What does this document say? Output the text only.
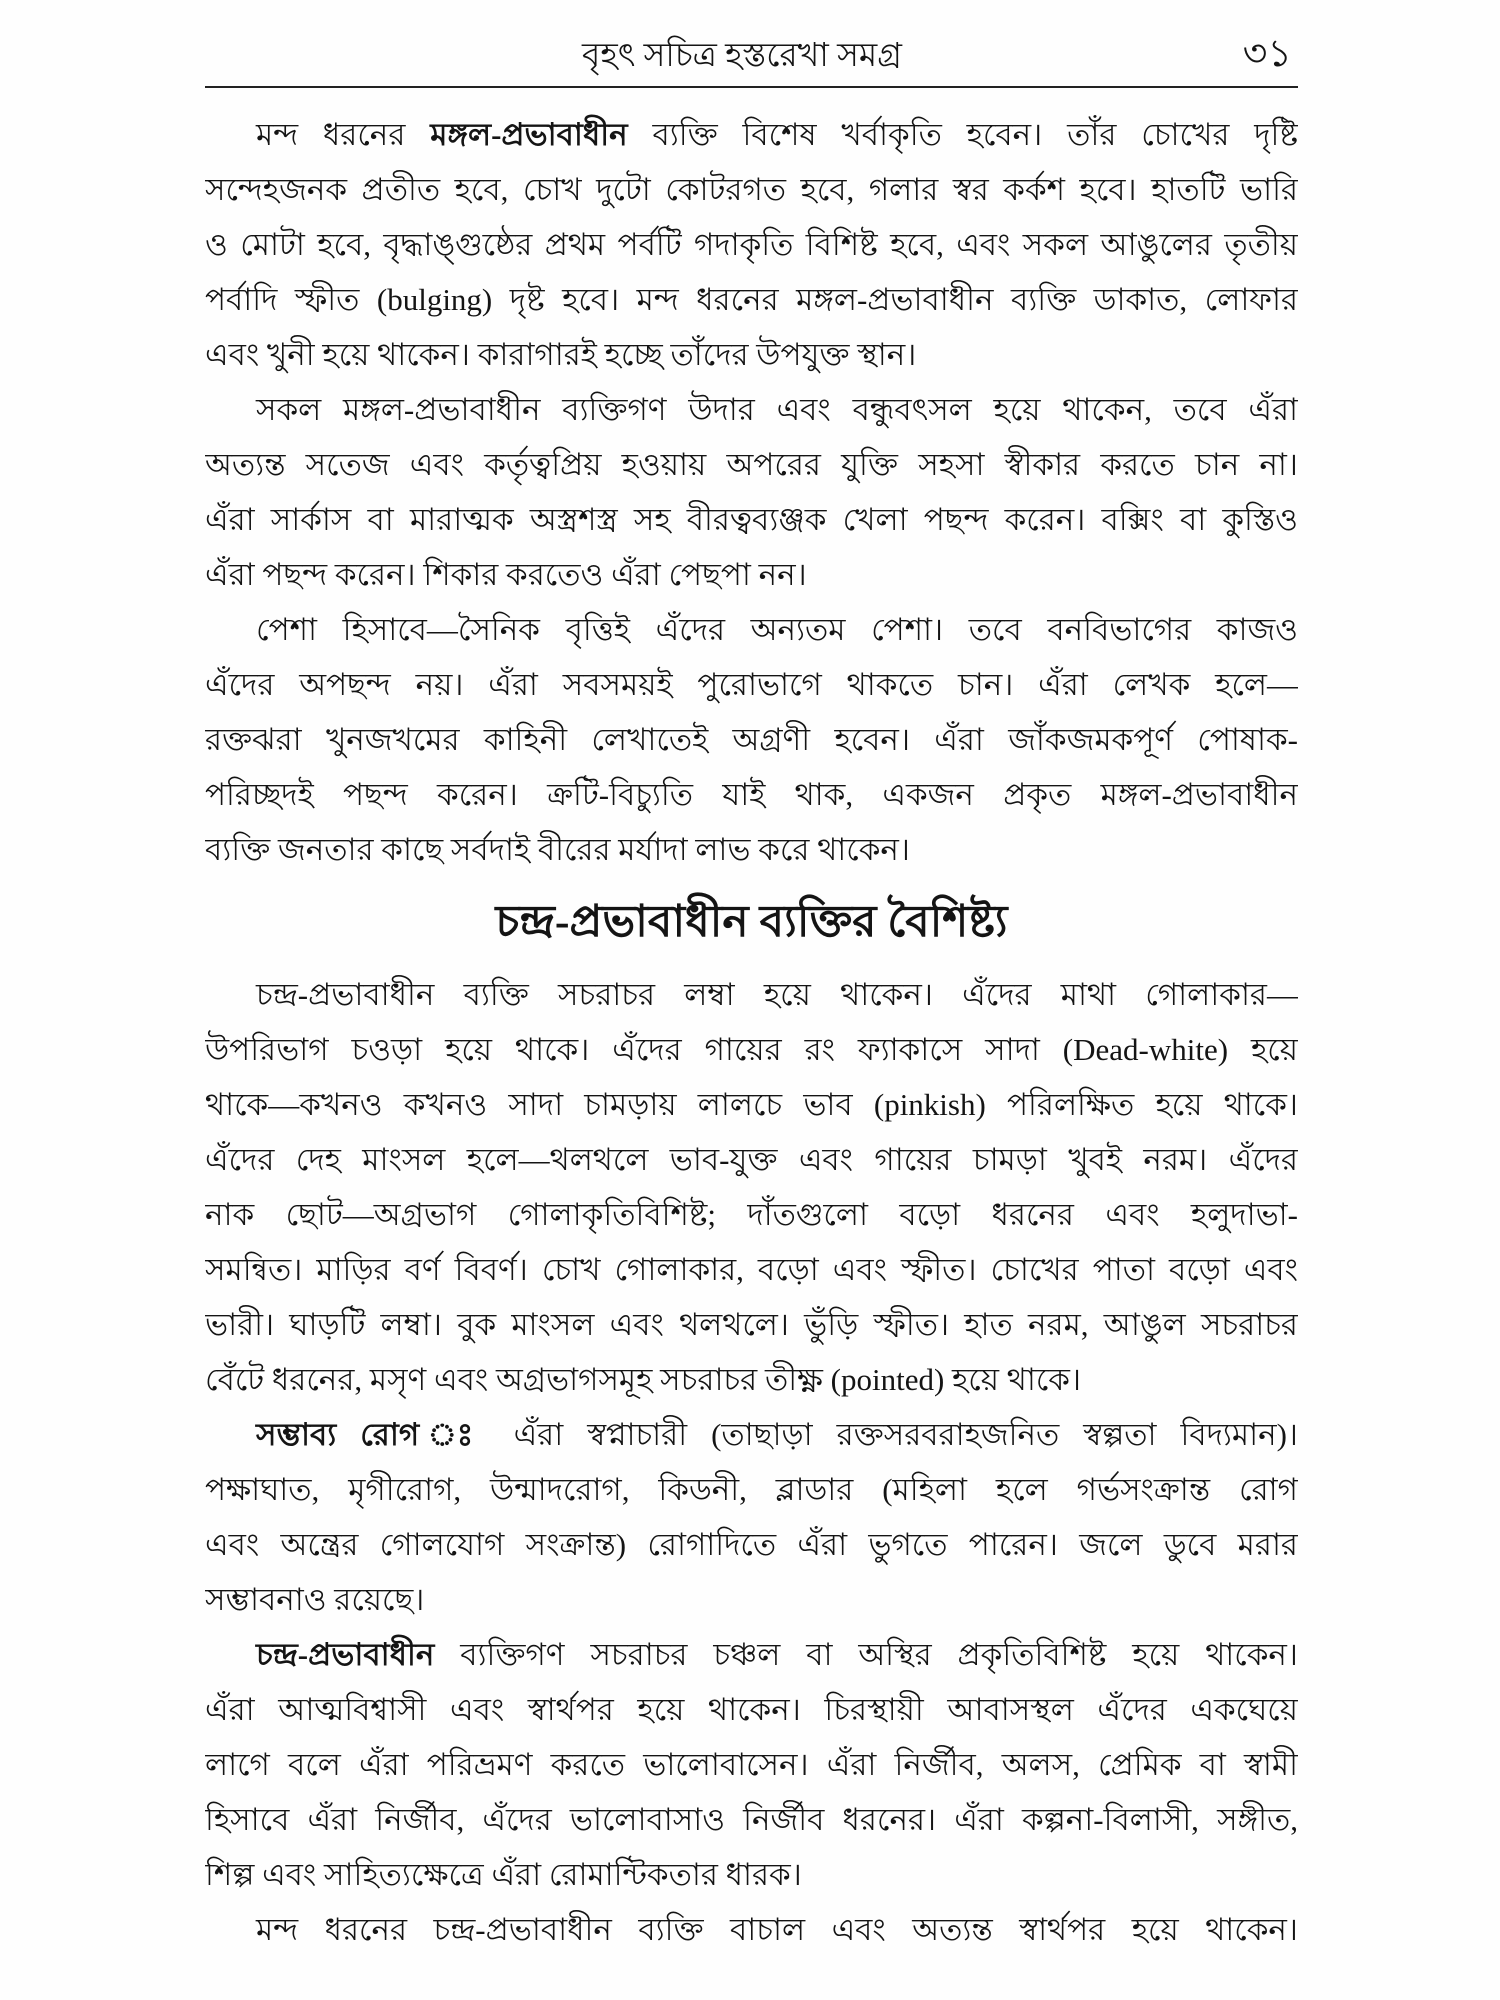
বৃহৎ সচিত্র হস্তরেখা সমগ্র	৩১
মন্দ ধরনের মঙ্গল-প্রভাবাধীন ব্যক্তি বিশেষ খর্বাকৃতি হবেন। তাঁর চোখের দৃষ্টি
সন্দেহজনক প্রতীত হবে, চোখ দুটো কোটরগত হবে, গলার স্বর কর্কশ হবে। হাতটি ভারি
ও মোটা হবে, বৃদ্ধাঙ্গুষ্ঠের প্রথম পর্বটি গদাকৃতি বিশিষ্ট হবে, এবং সকল আঙুলের তৃতীয়
পর্বাদি স্ফীত (bulging) দৃষ্ট হবে। মন্দ ধরনের মঙ্গল-প্রভাবাধীন ব্যক্তি ডাকাত, লোফার
এবং খুনী হয়ে থাকেন। কারাগারই হচ্ছে তাঁদের উপযুক্ত স্থান।
সকল মঙ্গল-প্রভাবাধীন ব্যক্তিগণ উদার এবং বন্ধুবৎসল হয়ে থাকেন, তবে এঁরা
অত্যন্ত সতেজ এবং কর্তৃত্বপ্রিয় হওয়ায় অপরের যুক্তি সহসা স্বীকার করতে চান না।
এঁরা সার্কাস বা মারাত্মক অস্ত্রশস্ত্র সহ বীরত্বব্যঞ্জক খেলা পছন্দ করেন। বক্সিং বা কুস্তিও
এঁরা পছন্দ করেন। শিকার করতেও এঁরা পেছপা নন।
পেশা হিসাবে—সৈনিক বৃত্তিই এঁদের অন্যতম পেশা। তবে বনবিভাগের কাজও
এঁদের অপছন্দ নয়। এঁরা সবসময়ই পুরোভাগে থাকতে চান। এঁরা লেখক হলে—
রক্তঝরা খুনজখমের কাহিনী লেখাতেই অগ্রণী হবেন। এঁরা জাঁকজমকপূর্ণ পোষাক-
পরিচ্ছদই পছন্দ করেন। ক্রটি-বিচ্যুতি যাই থাক, একজন প্রকৃত মঙ্গল-প্রভাবাধীন
ব্যক্তি জনতার কাছে সর্বদাই বীরের মর্যাদা লাভ করে থাকেন।
চন্দ্র-প্রভাবাধীন ব্যক্তির বৈশিষ্ট্য
চন্দ্র-প্রভাবাধীন ব্যক্তি সচরাচর লম্বা হয়ে থাকেন। এঁদের মাথা গোলাকার—
উপরিভাগ চওড়া হয়ে থাকে। এঁদের গায়ের রং ফ্যাকাসে সাদা (Dead-white) হয়ে
থাকে—কখনও কখনও সাদা চামড়ায় লালচে ভাব (pinkish) পরিলক্ষিত হয়ে থাকে।
এঁদের দেহ মাংসল হলে—থলথলে ভাব-যুক্ত এবং গায়ের চামড়া খুবই নরম। এঁদের
নাক ছোট—অগ্রভাগ গোলাকৃতিবিশিষ্ট; দাঁতগুলো বড়ো ধরনের এবং হলুদাভা-
সমন্বিত। মাড়ির বর্ণ বিবর্ণ। চোখ গোলাকার, বড়ো এবং স্ফীত। চোখের পাতা বড়ো এবং
ভারী। ঘাড়টি লম্বা। বুক মাংসল এবং থলথলে। ভুঁড়ি স্ফীত। হাত নরম, আঙুল সচরাচর
বেঁটে ধরনের, মসৃণ এবং অগ্রভাগসমূহ সচরাচর তীক্ষ্ণ (pointed) হয়ে থাকে।
সম্ভাব্য রোগ ঃ এঁরা স্বপ্নাচারী (তাছাড়া রক্তসরবরাহজনিত স্বল্পতা বিদ্যমান)।
পক্ষাঘাত, মৃগীরোগ, উন্মাদরোগ, কিডনী, ব্লাডার (মহিলা হলে গর্ভসংক্রান্ত রোগ
এবং অন্ত্রের গোলযোগ সংক্রান্ত) রোগাদিতে এঁরা ভুগতে পারেন। জলে ডুবে মরার
সম্ভাবনাও রয়েছে।
চন্দ্র-প্রভাবাধীন ব্যক্তিগণ সচরাচর চঞ্চল বা অস্থির প্রকৃতিবিশিষ্ট হয়ে থাকেন।
এঁরা আত্মবিশ্বাসী এবং স্বার্থপর হয়ে থাকেন। চিরস্থায়ী আবাসস্থল এঁদের একঘেয়ে
লাগে বলে এঁরা পরিভ্রমণ করতে ভালোবাসেন। এঁরা নির্জীব, অলস, প্রেমিক বা স্বামী
হিসাবে এঁরা নির্জীব, এঁদের ভালোবাসাও নির্জীব ধরনের। এঁরা কল্পনা-বিলাসী, সঙ্গীত,
শিল্প এবং সাহিত্যক্ষেত্রে এঁরা রোমান্টিকতার ধারক।
মন্দ ধরনের চন্দ্র-প্রভাবাধীন ব্যক্তি বাচাল এবং অত্যন্ত স্বার্থপর হয়ে থাকেন।
